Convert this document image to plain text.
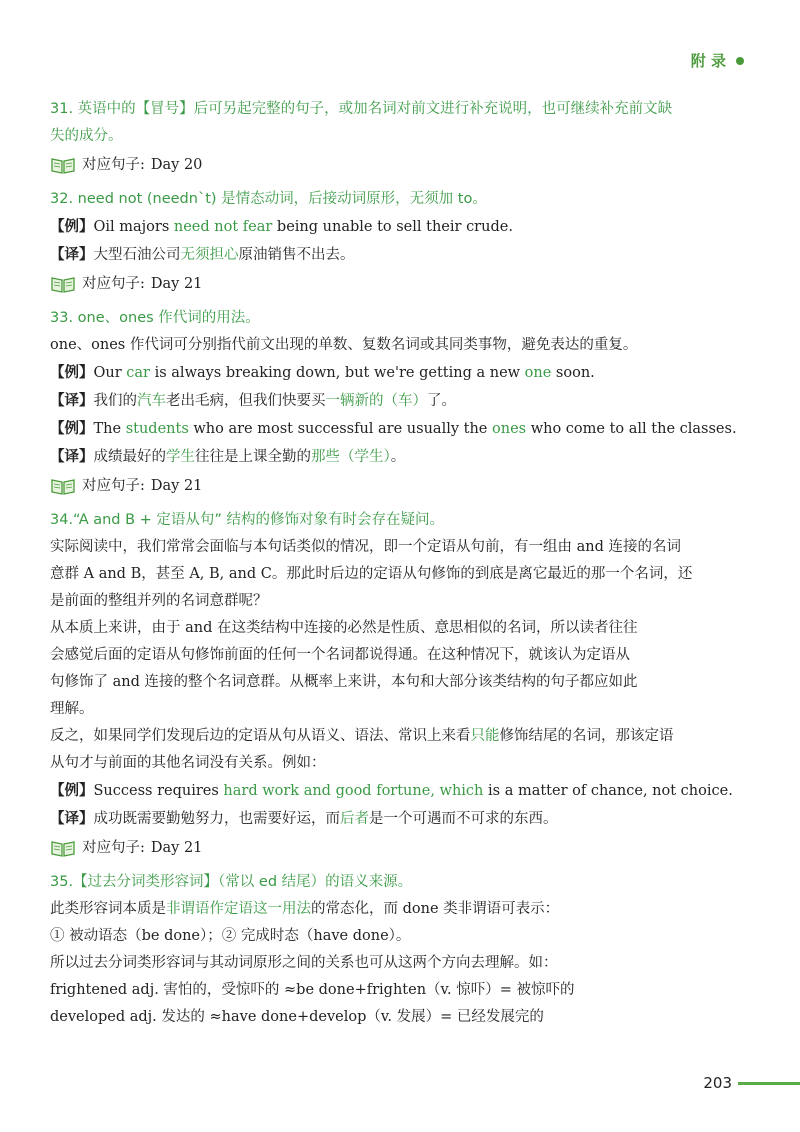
附 录
31. 英语中的【冒号】后可另起完整的句子，或加名词对前文进行补充说明，也可继续补充前文缺
失的成分。
对应句子: Day 20
32. need not (needn`t) 是情态动词，后接动词原形，无须加 to。
【例】Oil majors need not fear being unable to sell their crude.
【译】大型石油公司无须担心原油销售不出去。
对应句子: Day 21
33. one、ones 作代词的用法。
one、ones 作代词可分别指代前文出现的单数、复数名词或其同类事物，避免表达的重复。
【例】Our car is always breaking down, but we're getting a new one soon.
【译】我们的汽车老出毛病，但我们快要买一辆新的（车）了。
【例】The students who are most successful are usually the ones who come to all the classes.
【译】成绩最好的学生往往是上课全勤的那些（学生）。
对应句子: Day 21
34.“A and B + 定语从句” 结构的修饰对象有时会存在疑问。
实际阅读中，我们常常会面临与本句话类似的情况，即一个定语从句前，有一组由 and 连接的名词
意群 A and B，甚至 A, B, and C。那此时后边的定语从句修饰的到底是离它最近的那一个名词，还
是前面的整组并列的名词意群呢？
从本质上来讲，由于 and 在这类结构中连接的必然是性质、意思相似的名词，所以读者往往
会感觉后面的定语从句修饰前面的任何一个名词都说得通。在这种情况下，就该认为定语从
句修饰了 and 连接的整个名词意群。从概率上来讲，本句和大部分该类结构的句子都应如此
理解。
反之，如果同学们发现后边的定语从句从语义、语法、常识上来看只能修饰结尾的名词，那该定语
从句才与前面的其他名词没有关系。例如：
【例】Success requires hard work and good fortune, which is a matter of chance, not choice.
【译】成功既需要勤勉努力，也需要好运，而后者是一个可遇而不可求的东西。
对应句子: Day 21
35.【过去分词类形容词】（常以 ed 结尾）的语义来源。
此类形容词本质是非谓语作定语这一用法的常态化，而 done 类非谓语可表示：
① 被动语态（be done）；② 完成时态（have done）。
所以过去分词类形容词与其动词原形之间的关系也可从这两个方向去理解。如：
frightened adj. 害怕的，受惊吓的 ≈be done+frighten（v. 惊吓）= 被惊吓的
developed adj. 发达的 ≈have done+develop（v. 发展）= 已经发展完的
203
